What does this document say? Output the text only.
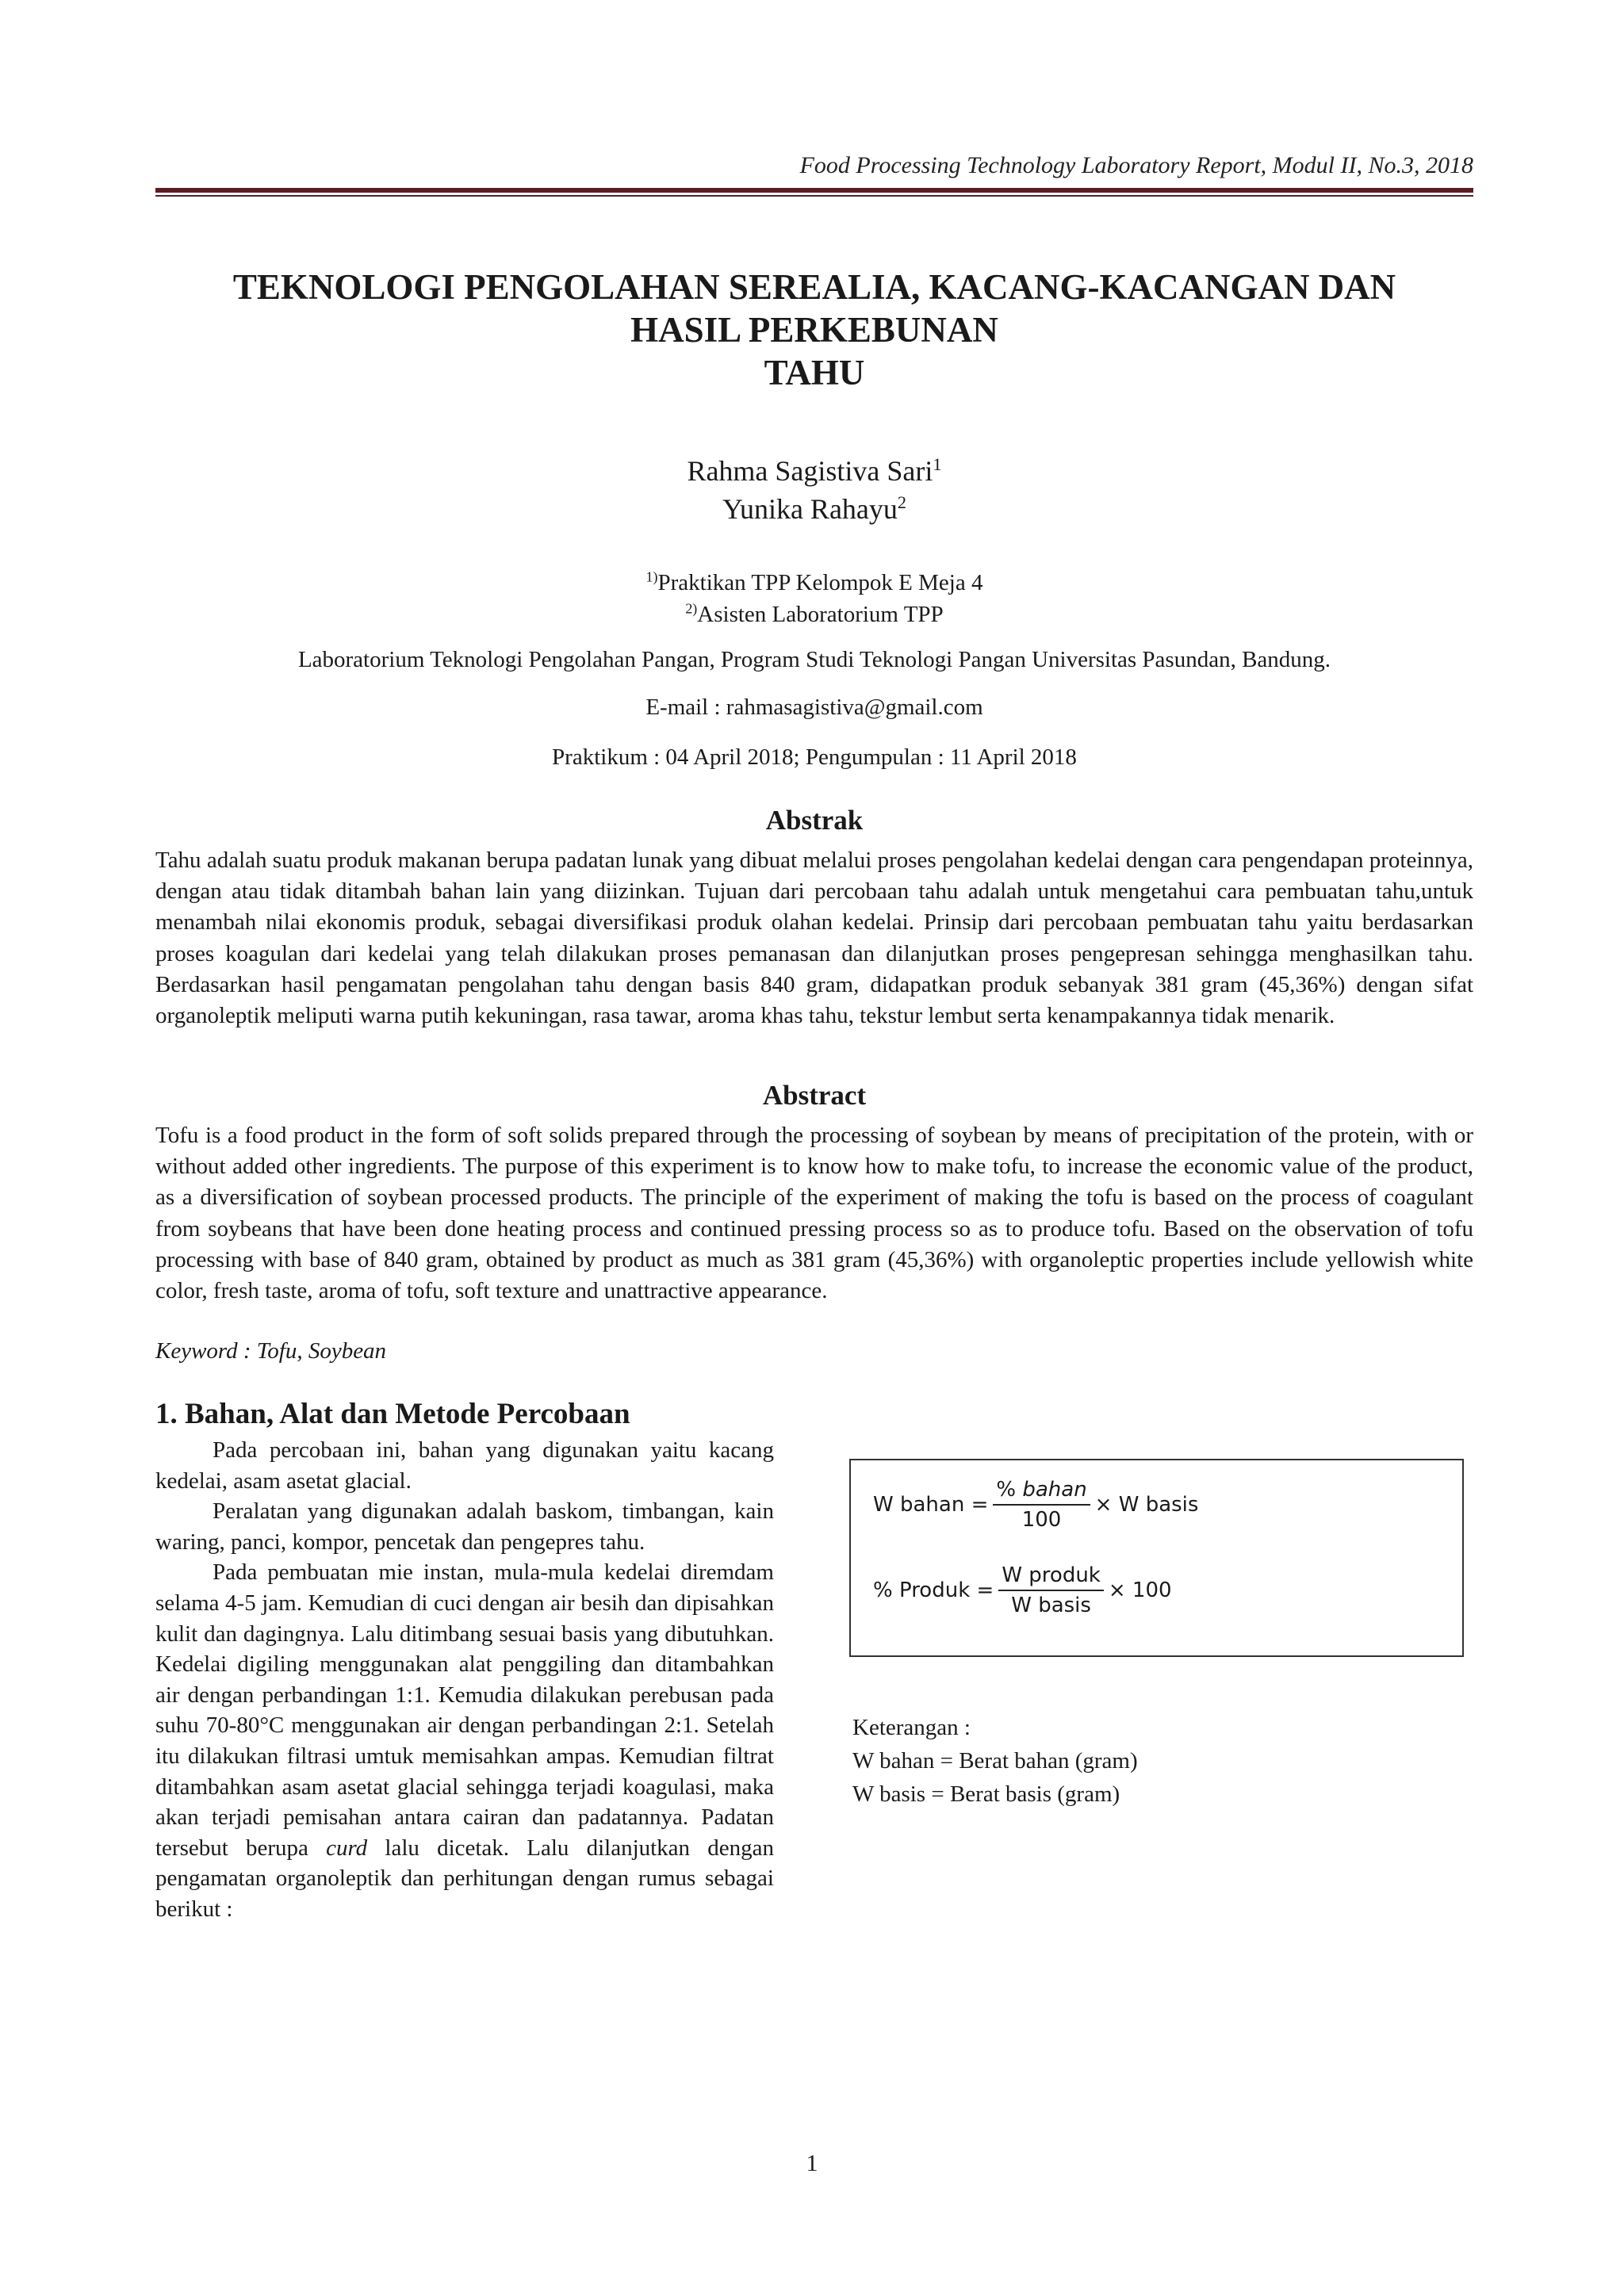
Food Processing Technology Laboratory Report, Modul II, No.3, 2018
TEKNOLOGI PENGOLAHAN SEREALIA, KACANG-KACANGAN DAN
HASIL PERKEBUNAN
TAHU
Rahma Sagistiva Sari$^1$
Yunika Rahayu$^2$
$^{1)}$Praktikan TPP Kelompok E Meja 4
$^{2)}$Asisten Laboratorium TPP
Laboratorium Teknologi Pengolahan Pangan, Program Studi Teknologi Pangan Universitas Pasundan, Bandung.
E-mail : rahmasagistiva@gmail.com
Praktikum : 04 April 2018; Pengumpulan : 11 April 2018
Abstrak
Tahu adalah suatu produk makanan berupa padatan lunak yang dibuat melalui proses pengolahan kedelai dengan cara pengendapan proteinnya, dengan atau tidak ditambah bahan lain yang diizinkan. Tujuan dari percobaan tahu adalah untuk mengetahui cara pembuatan tahu,untuk menambah nilai ekonomis produk, sebagai diversifikasi produk olahan kedelai. Prinsip dari percobaan pembuatan tahu yaitu berdasarkan proses koagulan dari kedelai yang telah dilakukan proses pemanasan dan dilanjutkan proses pengepresan sehingga menghasilkan tahu. Berdasarkan hasil pengamatan pengolahan tahu dengan basis 840 gram, didapatkan produk sebanyak 381 gram (45,36%) dengan sifat organoleptik meliputi warna putih kekuningan, rasa tawar, aroma khas tahu, tekstur lembut serta kenampakannya tidak menarik.
Abstract
Tofu is a food product in the form of soft solids prepared through the processing of soybean by means of precipitation of the protein, with or without added other ingredients. The purpose of this experiment is to know how to make tofu, to increase the economic value of the product, as a diversification of soybean processed products. The principle of the experiment of making the tofu is based on the process of coagulant from soybeans that have been done heating process and continued pressing process so as to produce tofu. Based on the observation of tofu processing with base of 840 gram, obtained by product as much as 381 gram (45,36%) with organoleptic properties include yellowish white color, fresh taste, aroma of tofu, soft texture and unattractive appearance.
Keyword : Tofu, Soybean
1. Bahan, Alat dan Metode Percobaan

Pada percobaan ini, bahan yang digunakan yaitu kacang kedelai, asam asetat glacial.

Peralatan yang digunakan adalah baskom, timbangan, kain waring, panci, kompor, pencetak dan pengepres tahu.

Pada pembuatan mie instan, mula-mula kedelai diremdam selama 4-5 jam. Kemudian di cuci dengan air besih dan dipisahkan kulit dan dagingnya. Lalu ditimbang sesuai basis yang dibutuhkan. Kedelai digiling menggunakan alat penggiling dan ditambahkan air dengan perbandingan 1:1. Kemudia dilakukan perebusan pada suhu 70-80°C menggunakan air dengan perbandingan 2:1. Setelah itu dilakukan filtrasi umtuk memisahkan ampas. Kemudian filtrat ditambahkan asam asetat glacial sehingga terjadi koagulasi, maka akan terjadi pemisahan antara cairan dan padatannya. Padatan tersebut berupa curd lalu dicetak. Lalu dilanjutkan dengan pengamatan organoleptik dan perhitungan dengan rumus sebagai berikut :

W bahan = $\frac{\text{\% bahan}}{100} \times W$ basis
% Produk = $\frac{\text{W produk}}{\text{W basis}} \times 100$
Keterangan :
W bahan = Berat bahan (gram)
W basis = Berat basis (gram)
1
